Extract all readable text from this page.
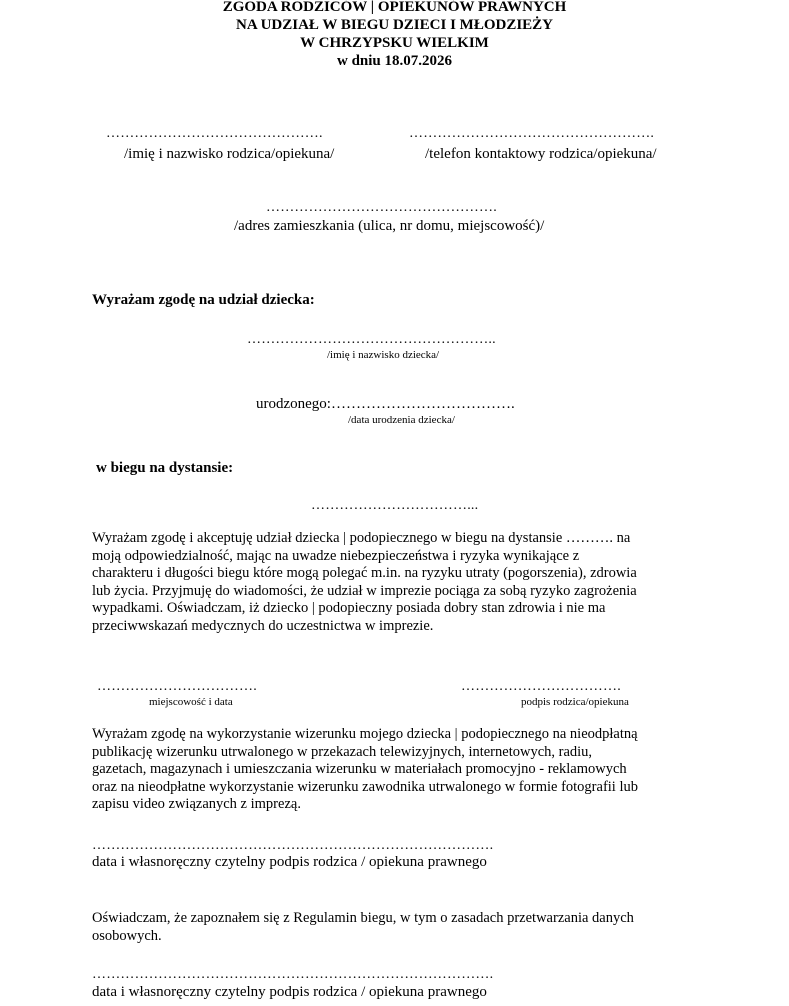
ZGODA RODZICÓW | OPIEKUNÓW PRAWNYCH
NA UDZIAŁ W BIEGU DZIECI I MŁODZIEŻY
W CHRZYPSKU WIELKIM
w dniu 18.07.2026
……………………………………….
/imię i nazwisko rodzica/opiekuna/
…………………………………………….
/telefon kontaktowy rodzica/opiekuna/
………………………………………….
/adres zamieszkania (ulica, nr domu, miejscowość)/
Wyrażam zgodę na udział dziecka:
……………………………………………..
/imię i nazwisko dziecka/
urodzonego:……………………………….
/data urodzenia dziecka/
w biegu na dystansie:
……………………………...
Wyrażam zgodę i akceptuję udział dziecka | podopiecznego w biegu na dystansie ………. na
moją odpowiedzialność, mając na uwadze niebezpieczeństwa i ryzyka wynikające z
charakteru i długości biegu które mogą polegać m.in. na ryzyku utraty (pogorszenia), zdrowia
lub życia. Przyjmuję do wiadomości, że udział w imprezie pociąga za sobą ryzyko zagrożenia
wypadkami. Oświadczam, iż dziecko | podopieczny posiada dobry stan zdrowia i nie ma
przeciwwskazań medycznych do uczestnictwa w imprezie.
…………………………….
miejscowość i data
…………………………….
podpis rodzica/opiekuna
Wyrażam zgodę na wykorzystanie wizerunku mojego dziecka | podopiecznego na nieodpłatną
publikację wizerunku utrwalonego w przekazach telewizyjnych, internetowych, radiu,
gazetach, magazynach i umieszczania wizerunku w materiałach promocyjno - reklamowych
oraz na nieodpłatne wykorzystanie wizerunku zawodnika utrwalonego w formie fotografii lub
zapisu video związanych z imprezą.
………………………………………………………………………….
data i własnoręczny czytelny podpis rodzica / opiekuna prawnego
Oświadczam, że zapoznałem się z Regulamin biegu, w tym o zasadach przetwarzania danych
osobowych.
………………………………………………………………………….
data i własnoręczny czytelny podpis rodzica / opiekuna prawnego
